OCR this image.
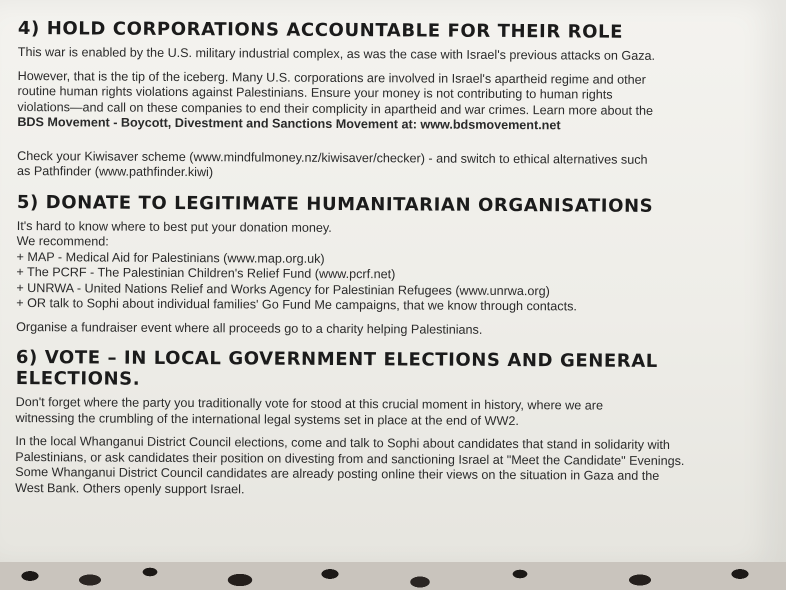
4) HOLD CORPORATIONS ACCOUNTABLE FOR THEIR ROLE

This war is enabled by the U.S. military industrial complex, as was the case with Israel's previous attacks on Gaza.

However, that is the tip of the iceberg. Many U.S. corporations are involved in Israel's apartheid regime and other

routine human rights violations against Palestinians. Ensure your money is not contributing to human rights

violations—and call on these companies to end their complicity in apartheid and war crimes. Learn more about the

BDS Movement - Boycott, Divestment and Sanctions Movement at: www.bdsmovement.net

Check your Kiwisaver scheme (www.mindfulmoney.nz/kiwisaver/checker) - and switch to ethical alternatives such

as Pathfinder (www.pathfinder.kiwi)

5) DONATE TO LEGITIMATE HUMANITARIAN ORGANISATIONS

It's hard to know where to best put your donation money.

We recommend:

+ MAP - Medical Aid for Palestinians (www.map.org.uk)

+ The PCRF - The Palestinian Children's Relief Fund (www.pcrf.net)

+ UNRWA - United Nations Relief and Works Agency for Palestinian Refugees (www.unrwa.org)

+ OR talk to Sophi about individual families' Go Fund Me campaigns, that we know through contacts.

Organise a fundraiser event where all proceeds go to a charity helping Palestinians.

6) VOTE – IN LOCAL GOVERNMENT ELECTIONS AND GENERAL ELECTIONS.

Don't forget where the party you traditionally vote for stood at this crucial moment in history, where we are

witnessing the crumbling of the international legal systems set in place at the end of WW2.

In the local Whanganui District Council elections, come and talk to Sophi about candidates that stand in solidarity with

Palestinians, or ask candidates their position on divesting from and sanctioning Israel at "Meet the Candidate" Evenings.

Some Whanganui District Council candidates are already posting online their views on the situation in Gaza and the

West Bank. Others openly support Israel.
